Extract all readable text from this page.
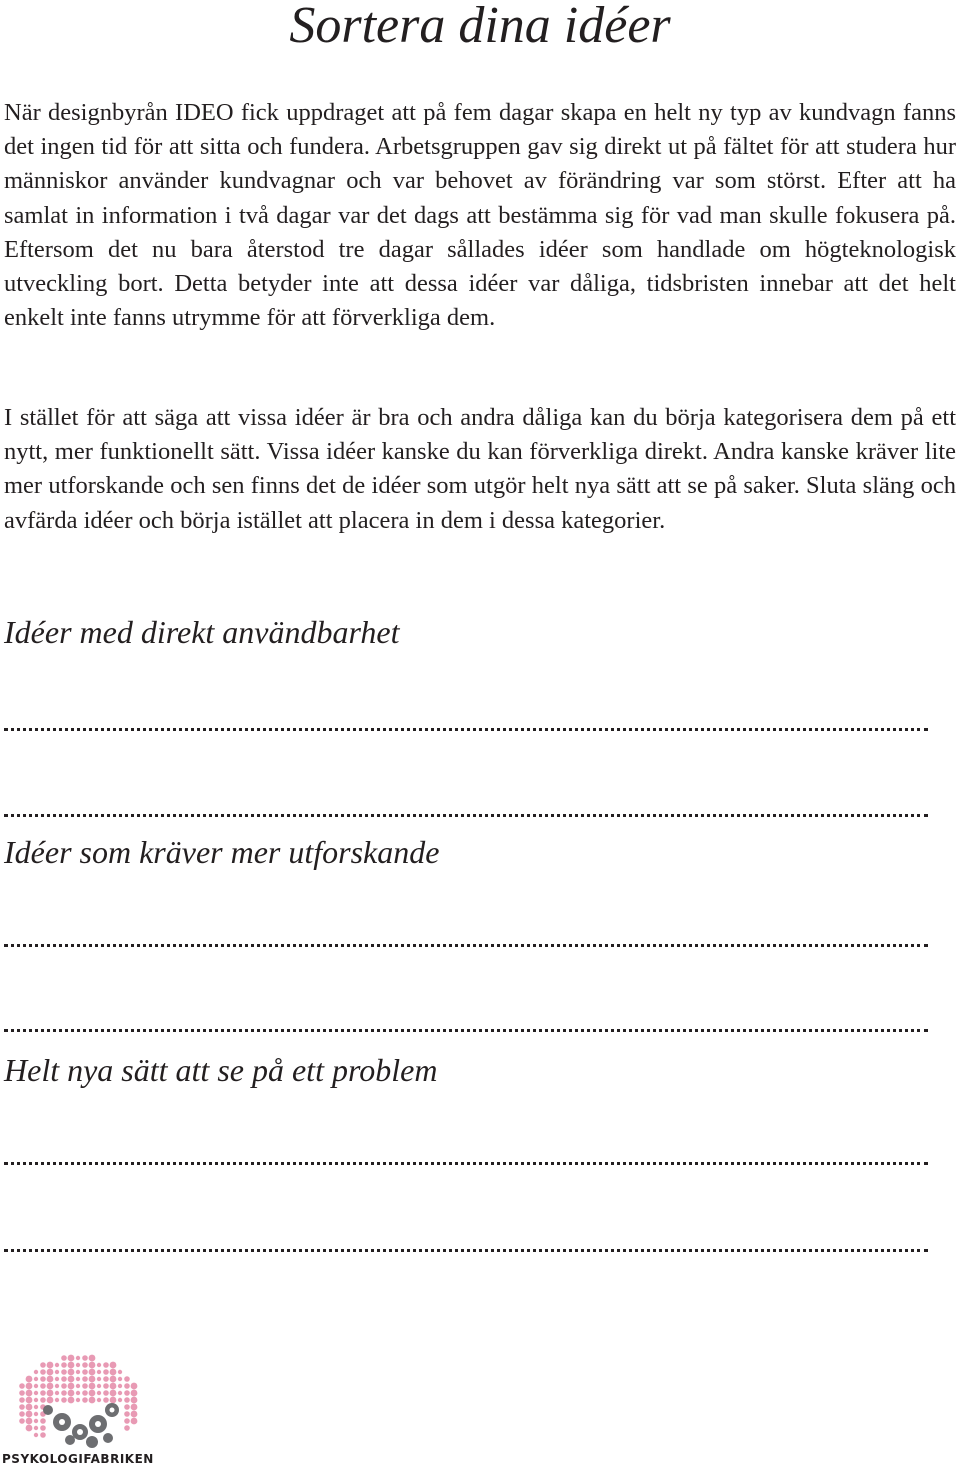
Sortera dina idéer

När designbyrån IDEO fick uppdraget att på fem dagar skapa en helt ny typ av kundvagn fanns det ingen tid för att sitta och fundera. Arbetsgruppen gav sig direkt ut på fältet för att studera hur människor använder kundvagnar och var behovet av förändring var som störst. Efter att ha samlat in information i två dagar var det dags att bestämma sig för vad man skulle fokusera på. Eftersom det nu bara återstod tre dagar sållades idéer som handlade om högteknologisk utveckling bort. Detta betyder inte att dessa idéer var dåliga, tidsbristen innebar att det helt enkelt inte fanns utrymme för att förverkliga dem.

I stället för att säga att vissa idéer är bra och andra dåliga kan du börja kategorisera dem på ett nytt, mer funktionellt sätt. Vissa idéer kanske du kan förverkliga direkt. Andra kanske kräver lite mer utforskande och sen finns det de idéer som utgör helt nya sätt att se på saker. Sluta släng och avfärda idéer och börja istället att placera in dem i dessa kategorier.

Idéer med direkt användbarhet
Idéer som kräver mer utforskande
Helt nya sätt att se på ett problem
PSYKOLOGIFABRIKEN
